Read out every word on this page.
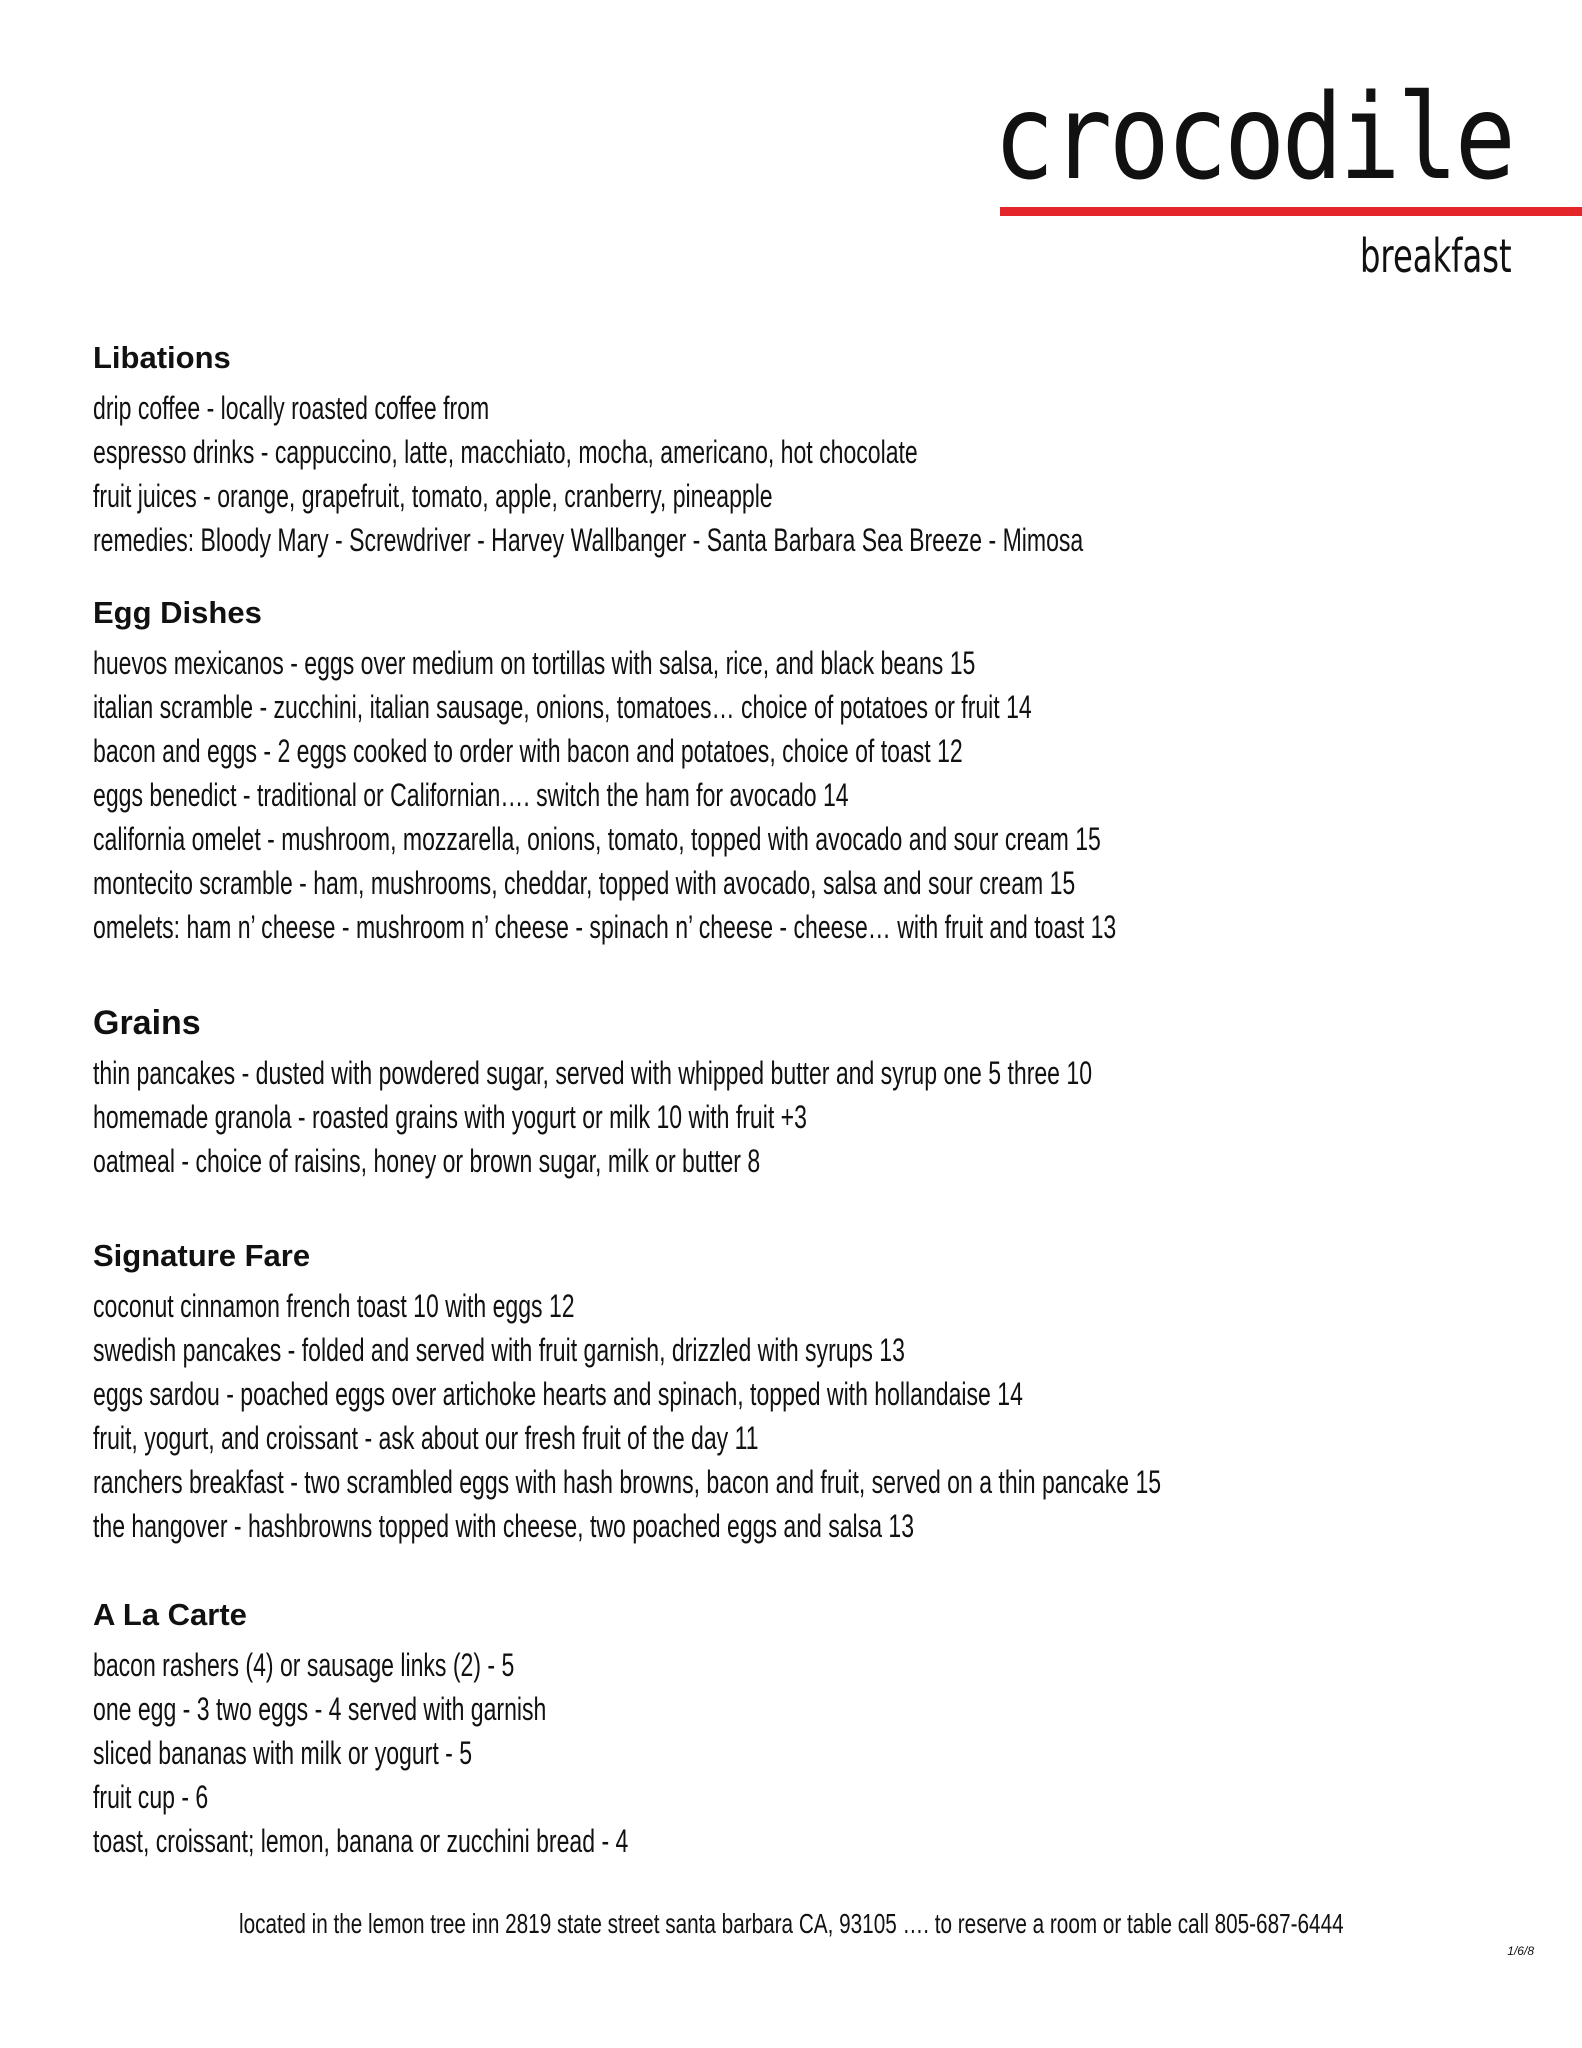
crocodile
breakfast
Libations
drip coffee - locally roasted coffee from
espresso drinks - cappuccino, latte, macchiato, mocha, americano, hot chocolate
fruit juices - orange, grapefruit, tomato, apple, cranberry, pineapple
remedies: Bloody Mary - Screwdriver - Harvey Wallbanger - Santa Barbara Sea Breeze - Mimosa
Egg Dishes
huevos mexicanos - eggs over medium on tortillas with salsa, rice, and black beans 15
italian scramble - zucchini, italian sausage, onions, tomatoes… choice of potatoes or fruit 14
bacon and eggs - 2 eggs cooked to order with bacon and potatoes, choice of toast 12
eggs benedict - traditional or Californian…. switch the ham for avocado 14
california omelet - mushroom, mozzarella, onions, tomato, topped with avocado and sour cream 15
montecito scramble - ham, mushrooms, cheddar, topped with avocado, salsa and sour cream 15
omelets: ham n’ cheese - mushroom n’ cheese - spinach n’ cheese - cheese… with fruit and toast 13
Grains
thin pancakes - dusted with powdered sugar, served with whipped butter and syrup one 5 three 10
homemade granola - roasted grains with yogurt or milk 10 with fruit +3
oatmeal - choice of raisins, honey or brown sugar, milk or butter 8
Signature Fare
coconut cinnamon french toast 10 with eggs 12
swedish pancakes - folded and served with fruit garnish, drizzled with syrups 13
eggs sardou - poached eggs over artichoke hearts and spinach, topped with hollandaise 14
fruit, yogurt, and croissant - ask about our fresh fruit of the day 11
ranchers breakfast - two scrambled eggs with hash browns, bacon and fruit, served on a thin pancake 15
the hangover - hashbrowns topped with cheese, two poached eggs and salsa 13
A La Carte
bacon rashers (4) or sausage links (2) - 5
one egg - 3 two eggs - 4 served with garnish
sliced bananas with milk or yogurt - 5
fruit cup - 6
toast, croissant; lemon, banana or zucchini bread - 4
located in the lemon tree inn 2819 state street santa barbara CA, 93105 …. to reserve a room or table call 805-687-6444
1/6/8
